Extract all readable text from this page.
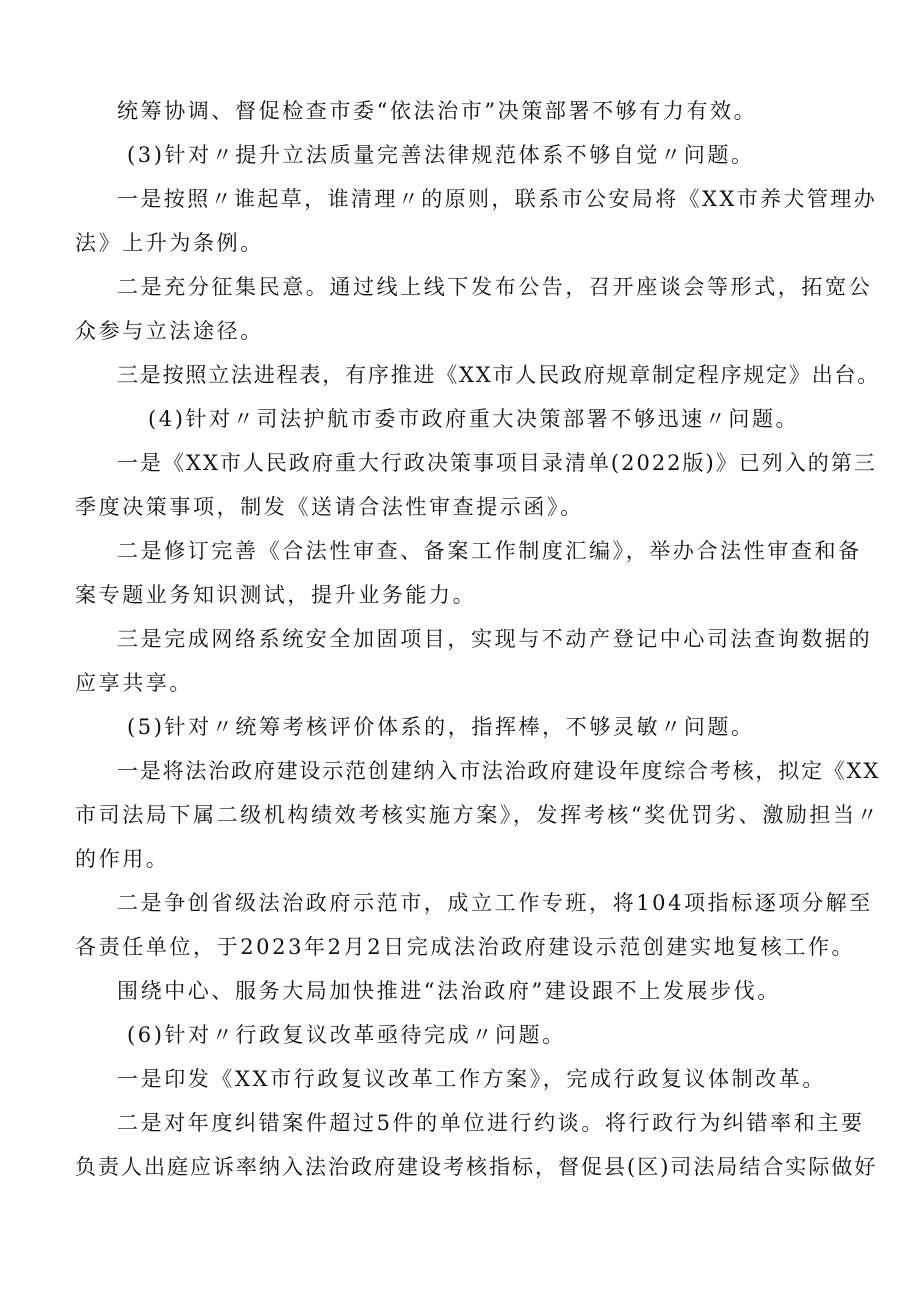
统筹协调、督促检查市委“依法治市”决策部署不够有力有效。
(3)针对〃提升立法质量完善法律规范体系不够自觉〃问题。
一是按照〃谁起草，谁清理〃的原则，联系市公安局将《XX市养犬管理办
法》上升为条例。
二是充分征集民意。通过线上线下发布公告，召开座谈会等形式，拓宽公
众参与立法途径。
三是按照立法进程表，有序推进《XX市人民政府规章制定程序规定》出台。
(4)针对〃司法护航市委市政府重大决策部署不够迅速〃问题。
一是《XX市人民政府重大行政决策事项目录清单(2022版)》已列入的第三
季度决策事项，制发《送请合法性审查提示函》。
二是修订完善《合法性审查、备案工作制度汇编》，举办合法性审查和备
案专题业务知识测试，提升业务能力。
三是完成网络系统安全加固项目，实现与不动产登记中心司法查询数据的
应享共享。
(5)针对〃统筹考核评价体系的，指挥棒，不够灵敏〃问题。
一是将法治政府建设示范创建纳入市法治政府建设年度综合考核，拟定《XX
市司法局下属二级机构绩效考核实施方案》，发挥考核“奖优罚劣、激励担当〃
的作用。
二是争创省级法治政府示范市，成立工作专班，将104项指标逐项分解至
各责任单位，于2023年2月2日完成法治政府建设示范创建实地复核工作。
围绕中心、服务大局加快推进“法治政府”建设跟不上发展步伐。
(6)针对〃行政复议改革亟待完成〃问题。
一是印发《XX市行政复议改革工作方案》，完成行政复议体制改革。
二是对年度纠错案件超过5件的单位进行约谈。将行政行为纠错率和主要
负责人出庭应诉率纳入法治政府建设考核指标，督促县(区)司法局结合实际做好
